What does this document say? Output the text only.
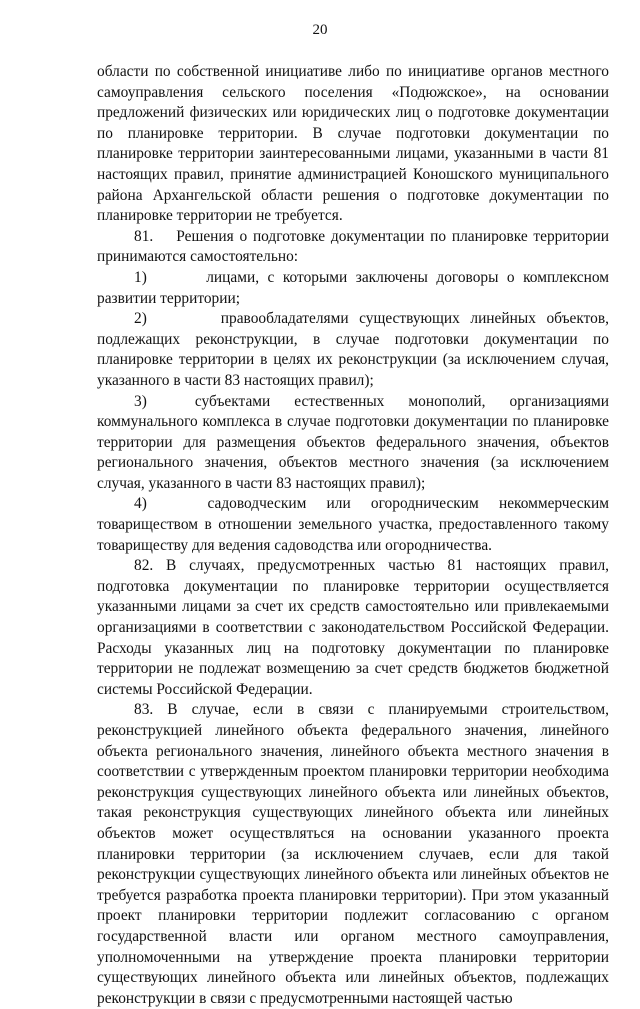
20

области по собственной инициативе либо по инициативе органов местного самоуправления сельского поселения «Подюжское», на основании предложений физических или юридических лиц о подготовке документации по планировке территории. В случае подготовки документации по планировке территории заинтересованными лицами, указанными в части 81 настоящих правил, принятие администрацией Коношского муниципального района Архангельской области решения о подготовке документации по планировке территории не требуется.

81.    Решения о подготовке документации по планировке территории принимаются самостоятельно:

1)       лицами, с которыми заключены договоры о комплексном развитии территории;

2)       правообладателями существующих линейных объектов, подлежащих реконструкции, в случае подготовки документации по планировке территории в целях их реконструкции (за исключением случая, указанного в части 83 настоящих правил);

3)  субъектами естественных монополий, организациями коммунального комплекса в случае подготовки документации по планировке территории для размещения объектов федерального значения, объектов регионального значения, объектов местного значения (за исключением случая, указанного в части 83 настоящих правил);

4)   садоводческим или огородническим некоммерческим товариществом в отношении земельного участка, предоставленного такому товариществу для ведения садоводства или огородничества.

82. В случаях, предусмотренных частью 81 настоящих правил, подготовка документации по планировке территории осуществляется указанными лицами за счет их средств самостоятельно или привлекаемыми организациями в соответствии с законодательством Российской Федерации. Расходы указанных лиц на подготовку документации по планировке территории не подлежат возмещению за счет средств бюджетов бюджетной системы Российской Федерации.

83. В случае, если в связи с планируемыми строительством, реконструкцией линейного объекта федерального значения, линейного объекта регионального значения, линейного объекта местного значения в соответствии с утвержденным проектом планировки территории необходима реконструкция существующих линейного объекта или линейных объектов, такая реконструкция существующих линейного объекта или линейных объектов может осуществляться на основании указанного проекта планировки территории (за исключением случаев, если для такой реконструкции существующих линейного объекта или линейных объектов не требуется разработка проекта планировки территории). При этом указанный проект планировки территории подлежит согласованию с органом государственной власти или органом местного самоуправления, уполномоченными на утверждение проекта планировки территории существующих линейного объекта или линейных объектов, подлежащих реконструкции в связи с предусмотренными настоящей частью
